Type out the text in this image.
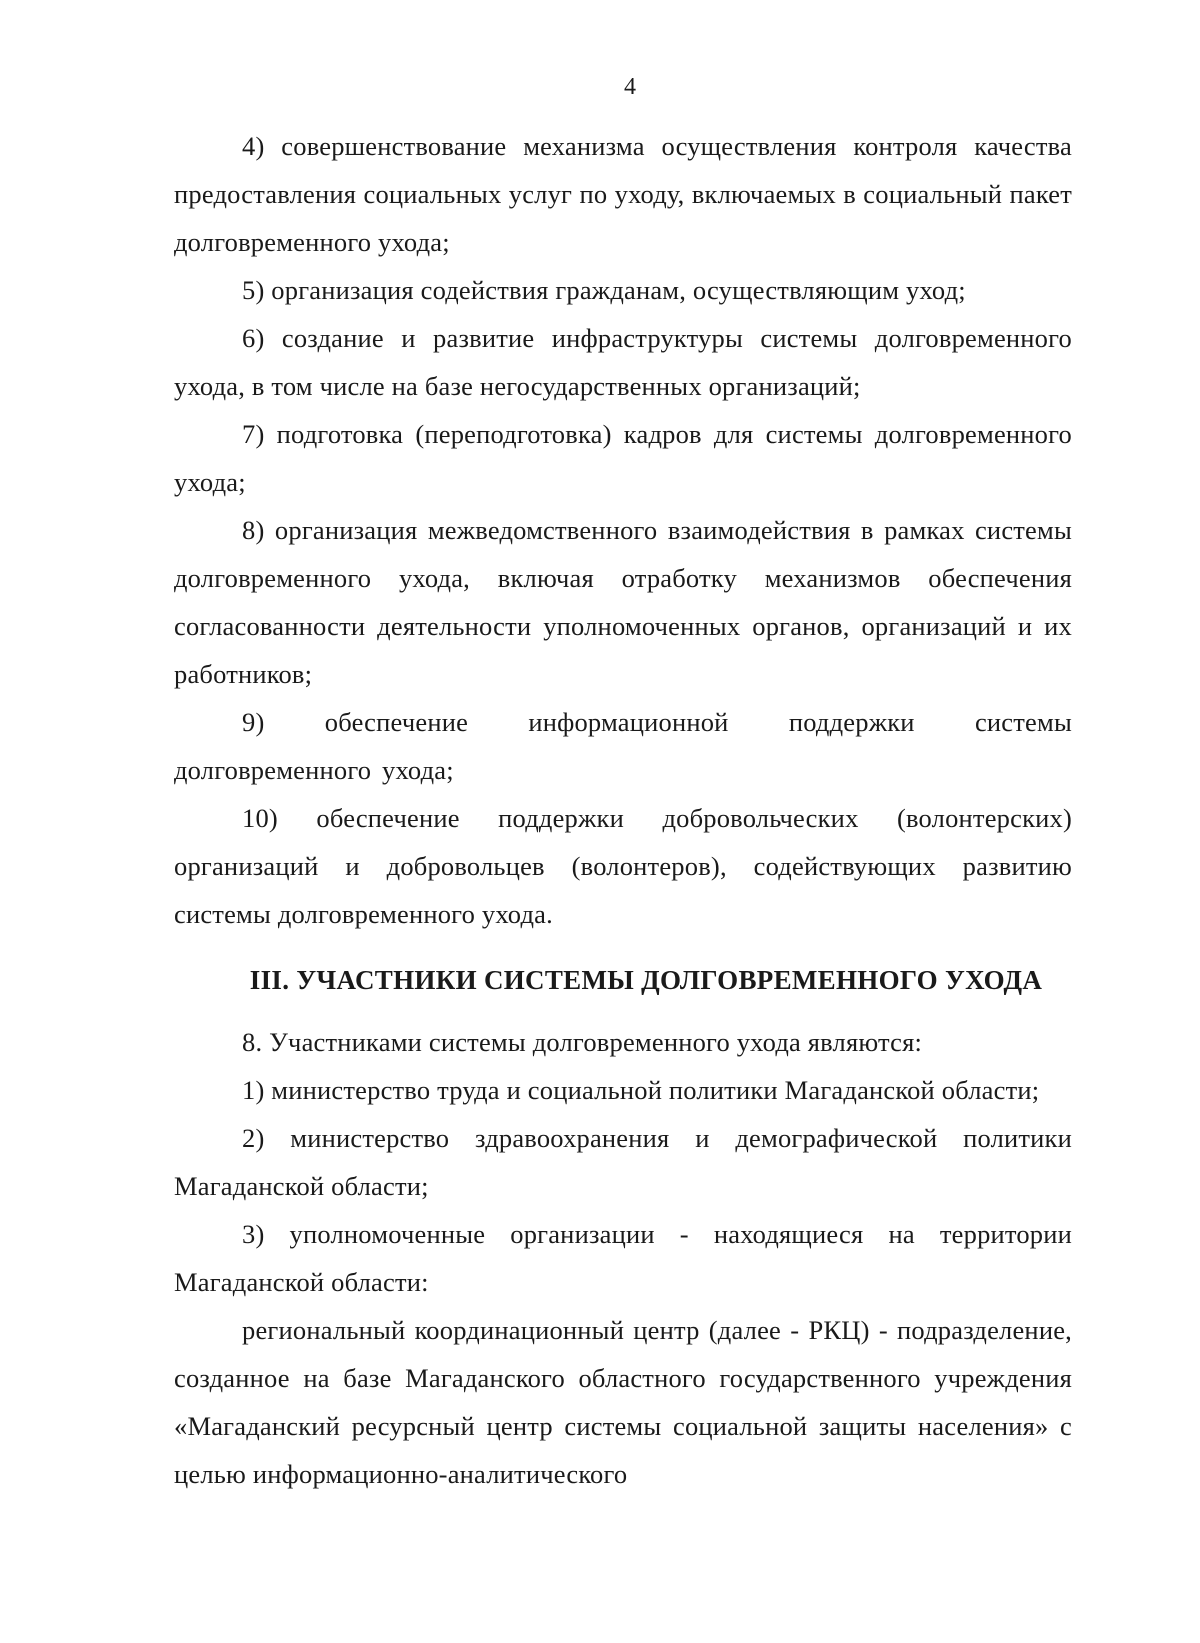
4

4) совершенствование механизма осуществления контроля качества предоставления социальных услуг по уходу, включаемых в социальный пакет долговременного ухода;

5) организация содействия гражданам, осуществляющим уход;

6) создание и развитие инфраструктуры системы долговременного ухода, в том числе на базе негосударственных организаций;

7) подготовка (переподготовка) кадров для системы долговременного ухода;

8) организация межведомственного взаимодействия в рамках системы долговременного ухода, включая отработку механизмов обеспечения согласованности деятельности уполномоченных органов, организаций и их работников;

9) обеспечение информационной поддержки системы долговременного ухода;

10) обеспечение поддержки добровольческих (волонтерских) организаций и добровольцев (волонтеров), содействующих развитию системы долговременного ухода.

III. УЧАСТНИКИ СИСТЕМЫ ДОЛГОВРЕМЕННОГО УХОДА

8. Участниками системы долговременного ухода являются:

1) министерство труда и социальной политики Магаданской области;

2) министерство здравоохранения и демографической политики Магаданской области;

3) уполномоченные организации - находящиеся на территории Магаданской области:

региональный координационный центр (далее - РКЦ) - подразделение, созданное на базе Магаданского областного государственного учреждения «Магаданский ресурсный центр системы социальной защиты населения» с целью информационно-аналитического
